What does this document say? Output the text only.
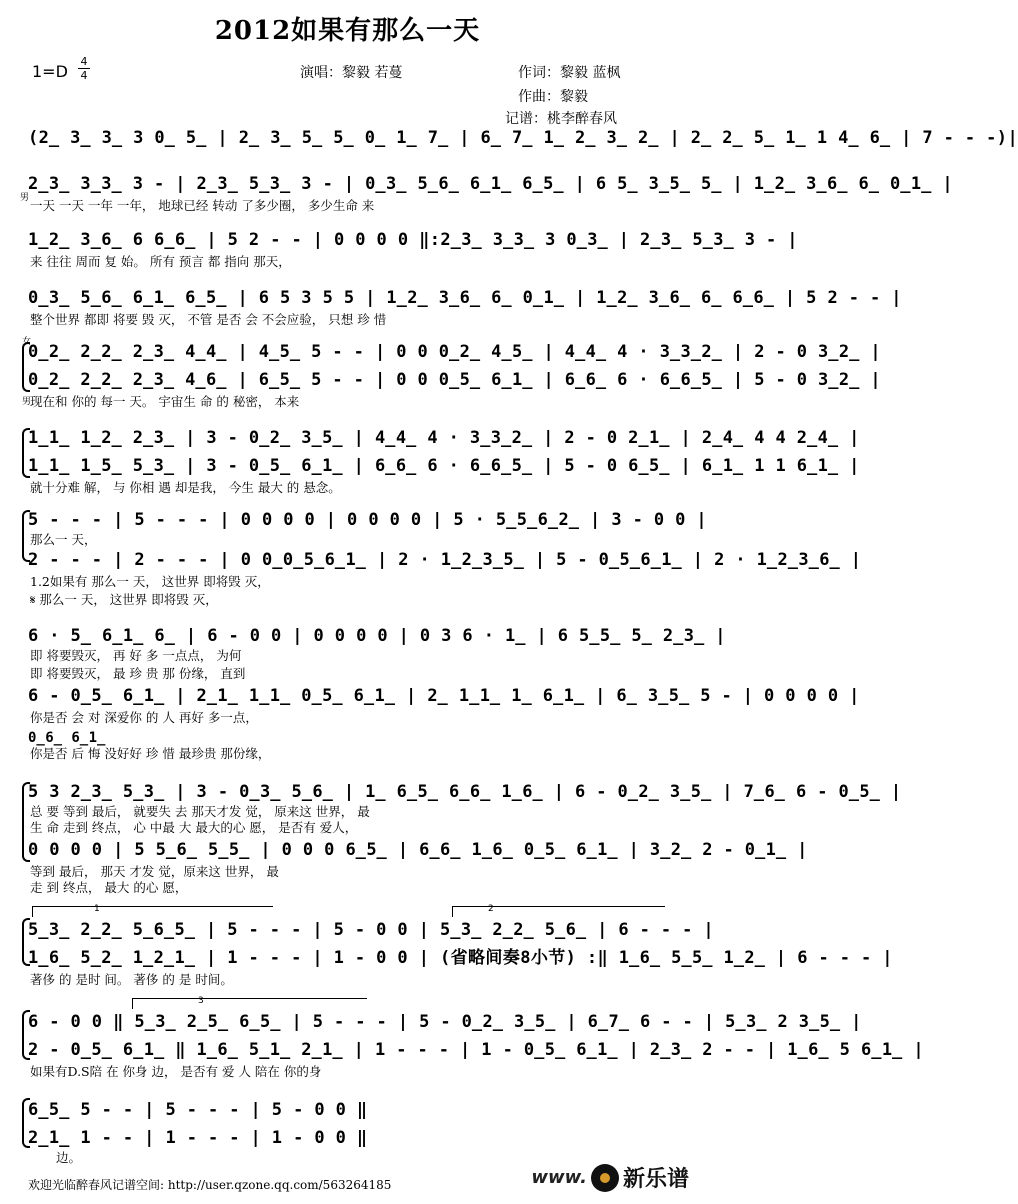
2012如果有那么一天
1=D
4
4	演唱：黎毅 若蔓	作词：黎毅 蓝枫
作曲：黎毅
记谱：桃李醉春风
(2̲ 3̲ 3̲ 3 0̲ 5̲ | 2̲ 3̲ 5̲ 5̲ 0̲ 1̲ 7̲ | 6̲ 7̲ 1̲ 2̲ 3̲ 2̲ | 2̲ 2̲ 5̲ 1̲ 1 4̲ 6̲ | 7 - - -)|
男
2̲3̲ 3̲3̲ 3 - | 2̲3̲ 5̲3̲ 3 - | 0̲3̲ 5̲6̲ 6̲1̲ 6̲5̲ | 6 5̲ 3̲5̲ 5̲ | 1̲2̲ 3̲6̲ 6̲ 0̲1̲ |
一天 一天 一年 一年， 地球已经 转动 了多少圈， 多少生命 来
1̲2̲ 3̲6̲ 6 6̲6̲ | 5 2 - - | 0 0 0 0 ‖:2̲3̲ 3̲3̲ 3 0̲3̲ | 2̲3̲ 5̲3̲ 3 - |
来 往往 周而 复 始。 所有 预言 都 指向 那天，
0̲3̲ 5̲6̲ 6̲1̲ 6̲5̲ | 6 5 3 5 5 | 1̲2̲ 3̲6̲ 6̲ 0̲1̲ | 1̲2̲ 3̲6̲ 6̲ 6̲6̲ | 5 2 - - |
整个世界 都即 将要 毁 灭， 不管 是否 会 不会应验， 只想 珍 惜
女
0̲2̲ 2̲2̲ 2̲3̲ 4̲4̲ | 4̲5̲ 5 - - | 0 0 0̲2̲ 4̲5̲ | 4̲4̲ 4 · 3̲3̲2̲ | 2 - 0 3̲2̲ |
0̲2̲ 2̲2̲ 2̲3̲ 4̲6̲ | 6̲5̲ 5 - - | 0 0 0̲5̲ 6̲1̲ | 6̲6̲ 6 · 6̲6̲5̲ | 5 - 0 3̲2̲ |
男
现在和 你的 每一 天。 宇宙生 命 的 秘密， 本来
1̲1̲ 1̲2̲ 2̲3̲ | 3 - 0̲2̲ 3̲5̲ | 4̲4̲ 4 · 3̲3̲2̲ | 2 - 0 2̲1̲ | 2̲4̲ 4 4 2̲4̲ |
1̲1̲ 1̲5̲ 5̲3̲ | 3 - 0̲5̲ 6̲1̲ | 6̲6̲ 6 · 6̲6̲5̲ | 5 - 0 6̲5̲ | 6̲1̲ 1 1 6̲1̲ |
就十分难 解， 与 你相 遇 却是我， 今生 最大 的 悬念。
5 - - - | 5 - - - | 0 0 0 0 | 0 0 0 0 | 5 · 5̲5̲6̲2̲ | 3 - 0 0 |
那么一 天，
2 - - - | 2 - - - | 0 0̲0̲5̲6̲1̲ | 2 · 1̲2̲3̲5̲ | 5 - 0̲5̲6̲1̲ | 2 · 1̲2̲3̲6̲ |
1.2如果有 那么一 天， 这世界 即将毁 灭，
𝄋 那么一 天， 这世界 即将毁 灭，
6 · 5̲ 6̲1̲ 6̲ | 6 - 0 0 | 0 0 0 0 | 0 3 6 · 1̲ | 6 5̲5̲ 5̲ 2̲3̲ |
即 将要毁灭， 再 好 多 一点点， 为何
即 将要毁灭， 最 珍 贵 那 份缘， 直到
6 - 0̲5̲ 6̲1̲ | 2̲1̲ 1̲1̲ 0̲5̲ 6̲1̲ | 2̲ 1̲1̲ 1̲ 6̲1̲ | 6̲ 3̲5̲ 5 - | 0 0 0 0 |
你是否 会 对 深爱你 的 人 再好 多一点，
0̲6̲ 6̲1̲
你是否 后 悔 没好好 珍 惜 最珍贵 那份缘，
5 3 2̲3̲ 5̲3̲ | 3 - 0̲3̲ 5̲6̲ | 1̲ 6̲5̲ 6̲6̲ 1̲6̲ | 6 - 0̲2̲ 3̲5̲ | 7̲6̲ 6 - 0̲5̲ |
总 要 等到 最后， 就要失 去 那天才发 觉， 原来这 世界， 最
生 命 走到 终点， 心 中最 大 最大的心 愿， 是否有 爱人，
0 0 0 0 | 5 5̲6̲ 5̲5̲ | 0 0 0 6̲5̲ | 6̲6̲ 1̲6̲ 0̲5̲ 6̲1̲ | 3̲2̲ 2 - 0̲1̲ |
等到 最后， 那天 才发 觉，原来这 世界， 最
走 到 终点， 最大 的心 愿，
1	2
5̲3̲ 2̲2̲ 5̲6̲5̲ | 5 - - - | 5 - 0 0 | 5̲3̲ 2̲2̲ 5̲6̲ | 6 - - - |
1̲6̲ 5̲2̲ 1̲2̲1̲ | 1 - - - | 1 - 0 0 | (省略间奏8小节) :‖ 1̲6̲ 5̲5̲ 1̲2̲ | 6 - - - |
著侈 的 是时 间。 著侈 的 是 时间。
3
6 - 0 0 ‖ 5̲3̲ 2̲5̲ 6̲5̲ | 5 - - - | 5 - 0̲2̲ 3̲5̲ | 6̲7̲ 6 - - | 5̲3̲ 2 3̲5̲ |
2 - 0̲5̲ 6̲1̲ ‖ 1̲6̲ 5̲1̲ 2̲1̲ | 1 - - - | 1 - 0̲5̲ 6̲1̲ | 2̲3̲ 2 - - | 1̲6̲ 5 6̲1̲ |
如果有D.S陪 在 你身 边， 是否有 爱 人 陪在 你的身
6̲5̲ 5 - - | 5 - - - | 5 - 0 0 ‖
2̲1̲ 1 - - | 1 - - - | 1 - 0 0 ‖
边。
欢迎光临醉春风记谱空间: http://user.qzone.qq.com/563264185	www. 新乐谱
